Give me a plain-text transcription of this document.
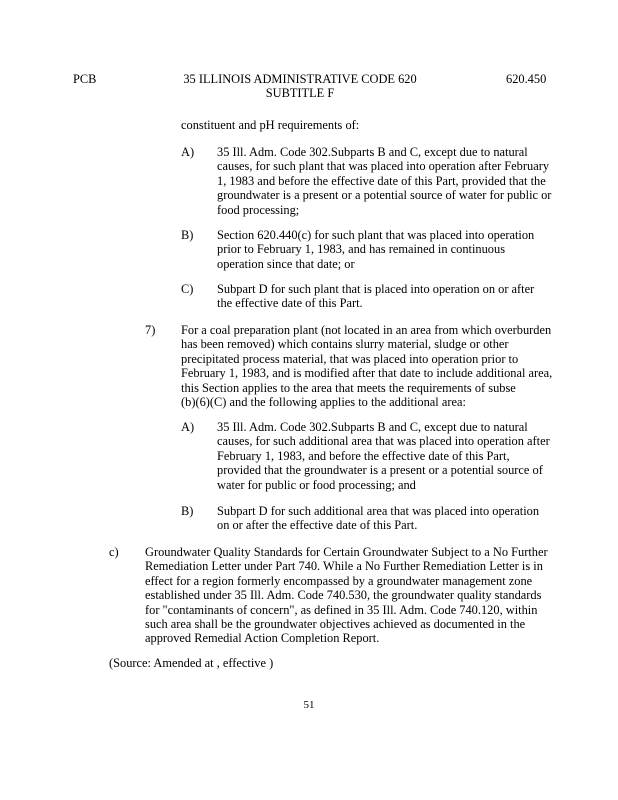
PCB	35 ILLINOIS ADMINISTRATIVE CODE 620
SUBTITLE F
620.450
constituent and pH requirements of:
A) 35 Ill. Adm. Code 302.Subparts B and C, except due to natural
causes, for such plant that was placed into operation after February
1, 1983 and before the effective date of this Part, provided that the
groundwater is a present or a potential source of water for public or
food processing;
B) Section 620.440(c) for such plant that was placed into operation
prior to February 1, 1983, and has remained in continuous
operation since that date; or
C) Subpart D for such plant that is placed into operation on or after
the effective date of this Part.
7) For a coal preparation plant (not located in an area from which overburden
has been removed) which contains slurry material, sludge or other
precipitated process material, that was placed into operation prior to
February 1, 1983, and is modified after that date to include additional area,
this Section applies to the area that meets the requirements of subse
(b)(6)(C) and the following applies to the additional area:
A) 35 Ill. Adm. Code 302.Subparts B and C, except due to natural
causes, for such additional area that was placed into operation after
February 1, 1983, and before the effective date of this Part,
provided that the groundwater is a present or a potential source of
water for public or food processing; and
B) Subpart D for such additional area that was placed into operation
on or after the effective date of this Part.
c) Groundwater Quality Standards for Certain Groundwater Subject to a No Further
Remediation Letter under Part 740. While a No Further Remediation Letter is in
effect for a region formerly encompassed by a groundwater management zone
established under 35 Ill. Adm. Code 740.530, the groundwater quality standards
for "contaminants of concern", as defined in 35 Ill. Adm. Code 740.120, within
such area shall be the groundwater objectives achieved as documented in the
approved Remedial Action Completion Report.
(Source: Amended at , effective )
51
